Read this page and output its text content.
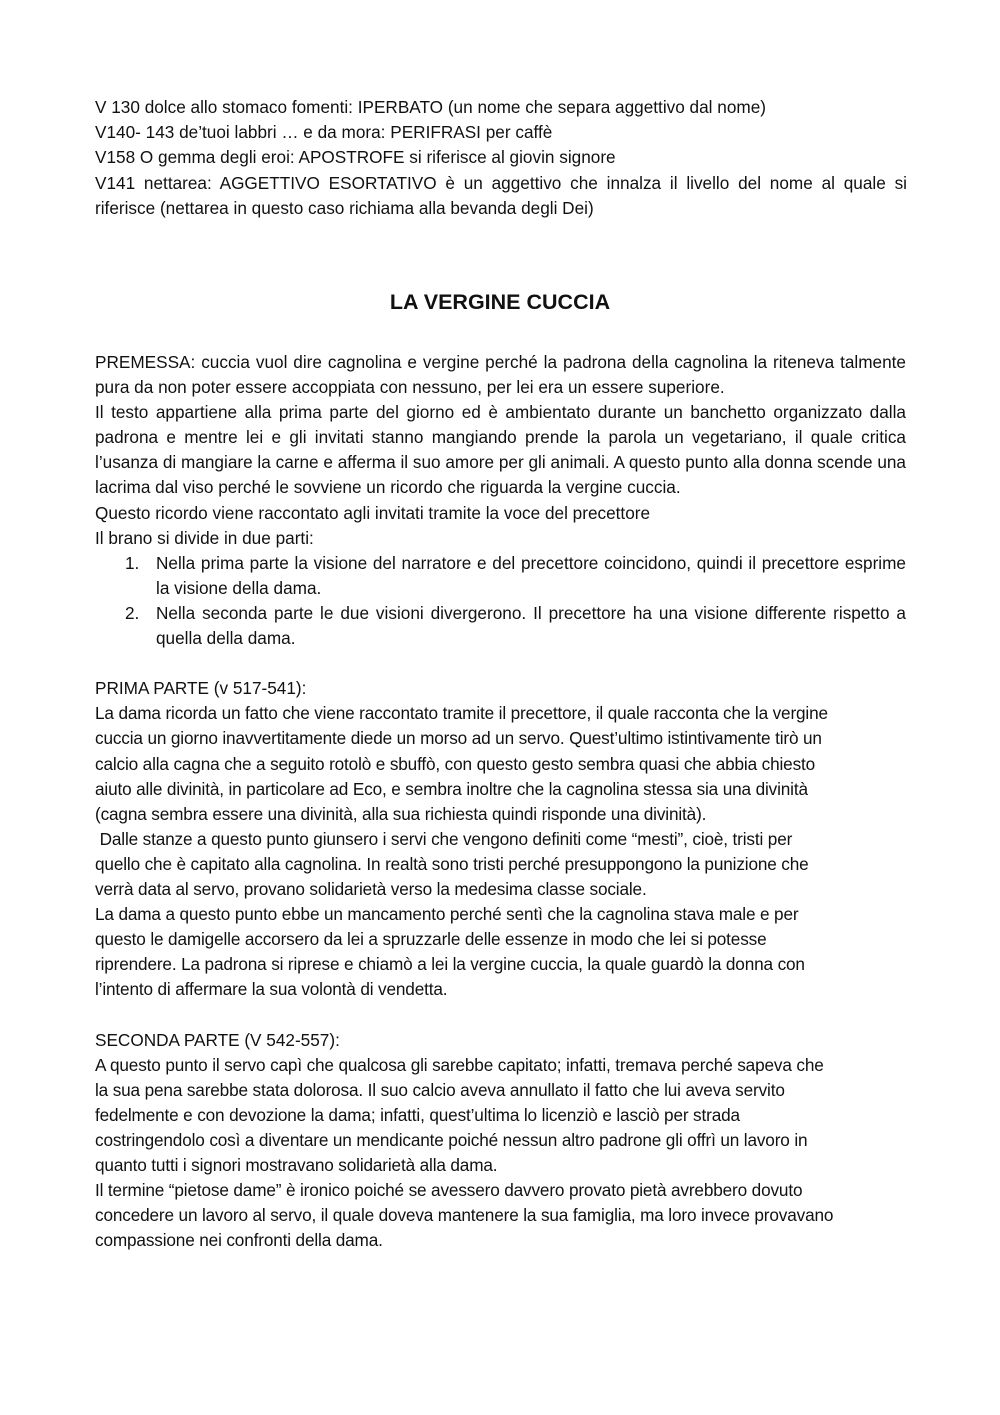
V 130 dolce allo stomaco fomenti: IPERBATO (un nome che separa aggettivo dal nome)
V140- 143 de’tuoi labbri … e da mora: PERIFRASI per caffè
V158 O gemma degli eroi: APOSTROFE si riferisce al giovin signore
V141 nettarea: AGGETTIVO ESORTATIVO è un aggettivo che innalza il livello del nome al quale si riferisce (nettarea in questo caso richiama alla bevanda degli Dei)
LA VERGINE CUCCIA
PREMESSA: cuccia vuol dire cagnolina e vergine perché la padrona della cagnolina la riteneva talmente pura da non poter essere accoppiata con nessuno, per lei era un essere superiore.
Il testo appartiene alla prima parte del giorno ed è ambientato durante un banchetto organizzato dalla padrona e mentre lei e gli invitati stanno mangiando prende la parola un vegetariano, il quale critica l’usanza di mangiare la carne e afferma il suo amore per gli animali. A questo punto alla donna scende una lacrima dal viso perché le sovviene un ricordo che riguarda la vergine cuccia.
Questo ricordo viene raccontato agli invitati tramite la voce del precettore
Il brano si divide in due parti:
1. Nella prima parte la visione del narratore e del precettore coincidono, quindi il precettore esprime la visione della dama.
2. Nella seconda parte le due visioni divergerono. Il precettore ha una visione differente rispetto a quella della dama.
PRIMA PARTE (v 517-541):
La dama ricorda un fatto che viene raccontato tramite il precettore, il quale racconta che la vergine
cuccia un giorno inavvertitamente diede un morso ad un servo. Quest’ultimo istintivamente tirò un
calcio alla cagna che a seguito rotolò e sbuffò, con questo gesto sembra quasi che abbia chiesto
aiuto alle divinità, in particolare ad Eco, e sembra inoltre che la cagnolina stessa sia una divinità
(cagna sembra essere una divinità, alla sua richiesta quindi risponde una divinità).
Dalle stanze a questo punto giunsero i servi che vengono definiti come “mesti”, cioè, tristi per
quello che è capitato alla cagnolina. In realtà sono tristi perché presuppongono la punizione che
verrà data al servo, provano solidarietà verso la medesima classe sociale.
La dama a questo punto ebbe un mancamento perché sentì che la cagnolina stava male e per
questo le damigelle accorsero da lei a spruzzarle delle essenze in modo che lei si potesse
riprendere. La padrona si riprese e chiamò a lei la vergine cuccia, la quale guardò la donna con
l’intento di affermare la sua volontà di vendetta.
SECONDA PARTE (V 542-557):
A questo punto il servo capì che qualcosa gli sarebbe capitato; infatti, tremava perché sapeva che
la sua pena sarebbe stata dolorosa. Il suo calcio aveva annullato il fatto che lui aveva servito
fedelmente e con devozione la dama; infatti, quest’ultima lo licenziò e lasciò per strada
costringendolo così a diventare un mendicante poiché nessun altro padrone gli offrì un lavoro in
quanto tutti i signori mostravano solidarietà alla dama.
Il termine “pietose dame” è ironico poiché se avessero davvero provato pietà avrebbero dovuto
concedere un lavoro al servo, il quale doveva mantenere la sua famiglia, ma loro invece provavano
compassione nei confronti della dama.
